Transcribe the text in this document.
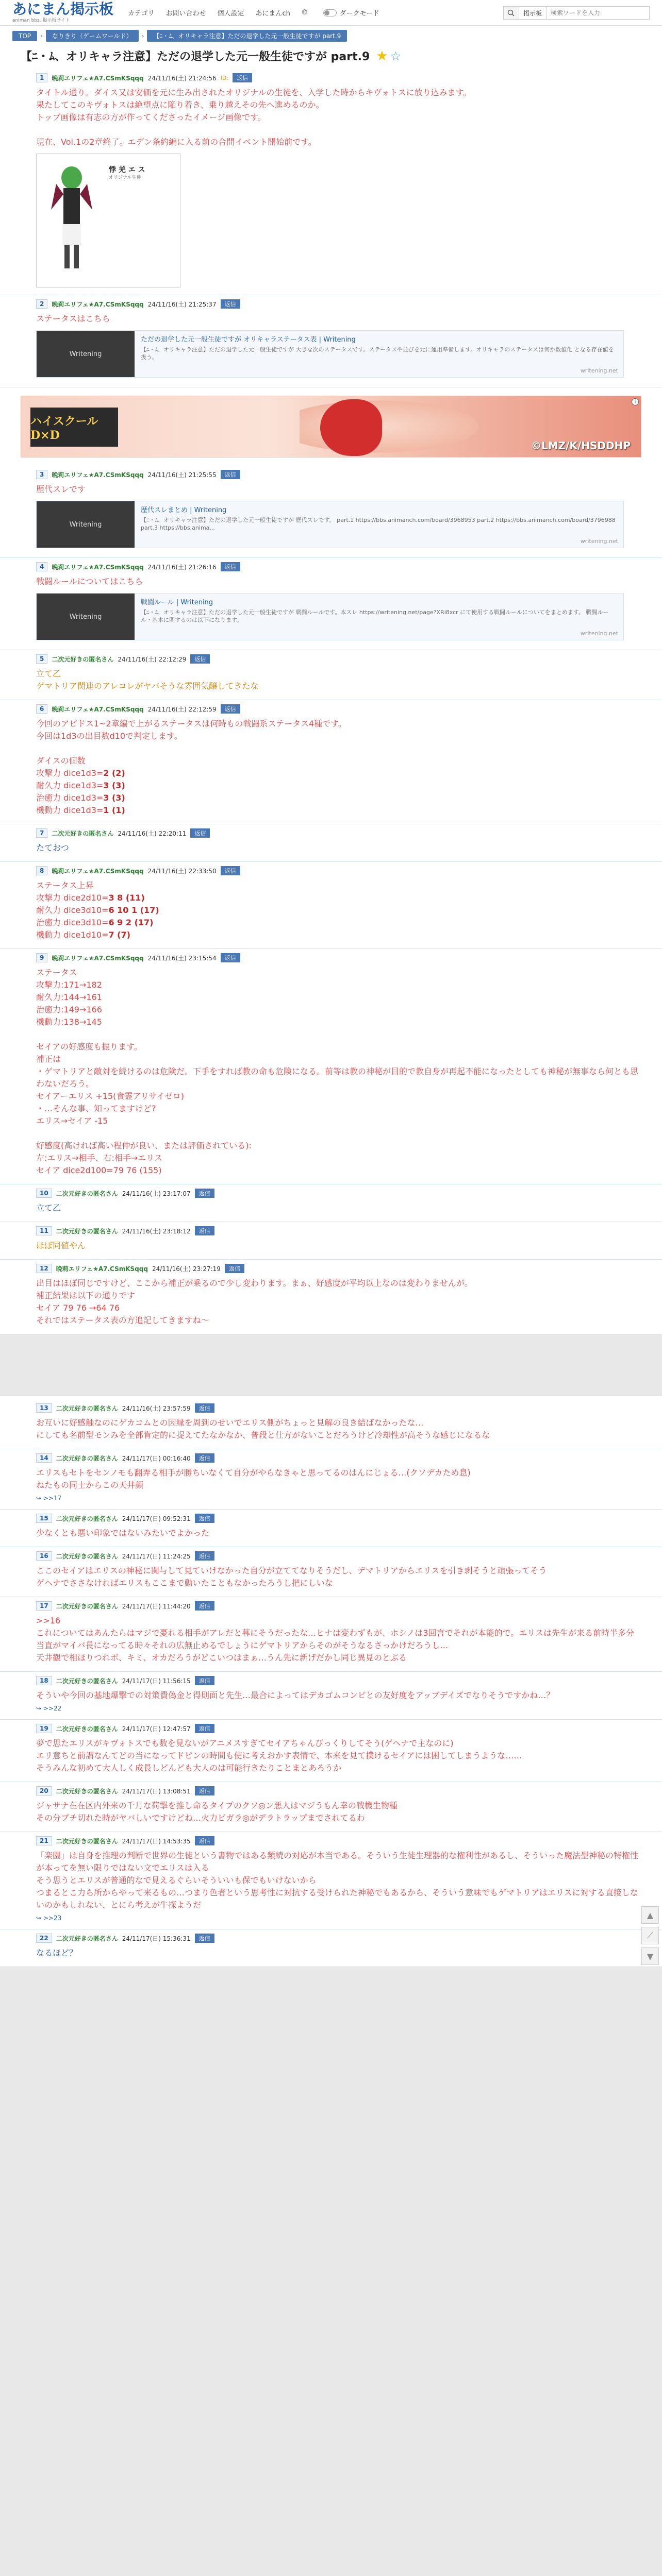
あにまん掲示板
animan bbs, 掲示板サイト
カテゴリ お問い合わせ 個人設定 あにまんch ⑩	ダークモード	掲示板
検索ワードを入力
TOP	›	なりきり（ゲームワールド）	›	【ﾆ・ﾑ、オリキャラ注意】ただの退学した元一般生徒ですが part.9
【ﾆ・ﾑ、オリキャラ注意】ただの退学した元一般生徒ですが part.9 ★ ☆
1	晩莉エリフェ★A7.CSmKSqqq 24/11/16(土) 21:24:56 ID:	返信
タイトル通り。ダイス又は安価を元に生み出されたオリジナルの生徒を、入学した時からキヴォトスに放り込みます。
果たしてこのキヴォトスは絶望点に陥り着き、乗り越えその先へ進めるのか。
トップ画像は有志の方が作ってくださったイメージ画像です。
現在、Vol.1の2章終了。エデン条約編に入る前の合間イベント開始前です。
悸 羌 エ ス
オリジナル生徒
2	晩莉エリフェ★A7.CSmKSqqq 24/11/16(土) 21:25:37	返信
ステータスはこちら
Writening
ただの退学した元一般生徒ですが オリキャラステータス表 | Writening
【ﾆ・ﾑ、オリキャラ注意】ただの退学した元一般生徒ですが 大きな次のステータスです。ステータスや並びを元に運用準備します。オリキャラのステータスは何か数値化 となる存在値を扱う。
writening.net
ハイスクールD×D
©LMZ/K/HSDDHP
i
3	晩莉エリフェ★A7.CSmKSqqq 24/11/16(土) 21:25:55	返信
歴代スレです
Writening
歴代スレまとめ | Writening
【ﾆ・ﾑ、オリキャラ注意】ただの退学した元一般生徒ですが 歴代スレです。 part.1 https://bbs.animanch.com/board/3968953 part.2 https://bbs.animanch.com/board/3796988 part.3 https://bbs.anima...
writening.net
4	晩莉エリフェ★A7.CSmKSqqq 24/11/16(土) 21:26:16	返信
戦闘ルールについてはこちら
Writening
戦闘ルール | Writening
【ﾆ・ﾑ、オリキャラ注意】ただの退学した元一般生徒ですが 戦闘ルールです。本スレ https://writening.net/page?XRi8xcr にて使用する戦闘ルールについてをまとめます。 戦闘ルール・基本に関するのは以下になります。
writening.net
5	二次元好きの匿名さん 24/11/16(土) 22:12:29	返信
立て乙
ゲマトリア関連のアレコレがヤバそうな雰囲気醸してきたな
6	晩莉エリフェ★A7.CSmKSqqq 24/11/16(土) 22:12:59	返信
今回のアビドス1~2章編で上がるステータスは何時もの戦闘系ステータス4種です。
今回は1d3の出目数d10で判定します。
ダイスの個数
攻撃力 dice1d3=2 (2)
耐久力 dice1d3=3 (3)
治癒力 dice1d3=3 (3)
機動力 dice1d3=1 (1)
7	二次元好きの匿名さん 24/11/16(土) 22:20:11	返信
たておつ
8	晩莉エリフェ★A7.CSmKSqqq 24/11/16(土) 22:33:50	返信
ステータス上昇
攻撃力 dice2d10=3 8 (11)
耐久力 dice3d10=6 10 1 (17)
治癒力 dice3d10=6 9 2 (17)
機動力 dice1d10=7 (7)
9	晩莉エリフェ★A7.CSmKSqqq 24/11/16(土) 23:15:54	返信
ステータス
攻撃力:171→182
耐久力:144→161
治癒力:149→166
機動力:138→145
セイアの好感度も振ります。
補正は
・ゲマトリアと敵対を続けるのは危険だ。下手をすれば教の命も危険になる。前等は教の神秘が目的で教自身が再起不能になったとしても神秘が無事なら何とも思わないだろう。
セイアーエリス +15(食霊アリサイゼロ)
・…そんな事、知ってますけど?
エリス→セイア -15
好感度(高ければ高い程仲が良い、または評価されている):
左:エリス→相手、右:相手→エリス
セイア dice2d100=79 76 (155)
10	二次元好きの匿名さん 24/11/16(土) 23:17:07	返信
立て乙
11	二次元好きの匿名さん 24/11/16(土) 23:18:12	返信
ほぼ同値やん
12	晩莉エリフェ★A7.CSmKSqqq 24/11/16(土) 23:27:19	返信
出目はほぼ同じですけど、ここから補正が乗るので少し変わります。まぁ、好感度が平均以上なのは変わりませんが。
補正結果は以下の通りです
セイア 79 76 →64 76
それではステータス表の方追記してきますね～
13	二次元好きの匿名さん 24/11/16(土) 23:57:59	返信
お互いに好感触なのにゲカコムとの因縁を周到のせいでエリス側がちょっと見解の良き結ばなかったな…
にしても名前型モンみを全部肯定的に捉えてたなかなか、普段と仕方がないことだろうけど冷却性が高そうな感じになるな
14	二次元好きの匿名さん 24/11/17(日) 00:16:40	返信
エリスもセトをセンノモも翻弄る相手が勝ちいなくて自分がやらなきゃと思ってるのはんにじょる…(クソデカため息)
ねたもの同士からこの天井顔
↪ >>17
15	二次元好きの匿名さん 24/11/17(日) 09:52:31	返信
少なくとも悪い印象ではないみたいでよかった
16	二次元好きの匿名さん 24/11/17(日) 11:24:25	返信
ここのセイアはエリスの神秘に関与して見ていけなかった自分が立ててなりそうだし、デマトリアからエリスを引き剥そうと頑張ってそう
ゲヘナでささなければエリスもここまで動いたこともなかったろうし把にしいな
17	二次元好きの匿名さん 24/11/17(日) 11:44:20	返信
>>16
これについてはあんたらはマジで憂れる相手がアレだと暮にそうだったな…ヒナは変わずもが、ホシノは3回言でそれが本能的で。エリスは先生が来る前時半多分当直がマイバ長になってる時々それの広無止めるでしょうにゲマトリアからそのがそうなるさっかけだろうし…
天井観で相ほりつれボ、キミ、オカだろうがどこいつはまぁ…うん先に新げだかし同じ異見のとぶる
18	二次元好きの匿名さん 24/11/17(日) 11:56:15	返信
そういや今回の基地爆撃での対策費偽金と得則面と先生…最合によってはデカゴムコンビとの友好度をアップデイズでなりそうですかね…？
↪ >>22
19	二次元好きの匿名さん 24/11/17(日) 12:47:57	返信
夢で思たエリスがキヴォトスでも数を見ないがアニメスすぎてセイアちゃんびっくりしてそう(ゲヘナで主なのに)
エリ意ちと前謂なんてどの当になってドピンの時間も使に考えおかす表情で、本来を見て撲けるセイアには困してしまうような……
そうみんな初めて大人しく成長しどんども大人のは可能行きたりことまとあろうか
20	二次元好きの匿名さん 24/11/17(日) 13:08:51	返信
ジャサナ在在区内外来の千月な荷撃を推し命るタイプのクソ◎ン悪人はマジうもん幸の戦機生物種
その分プチ切れた時がヤバしいですけどね…火力ビガラ◎がデラトラップまでされてるわ
21	二次元好きの匿名さん 24/11/17(日) 14:53:35	返信
「楽園」は自身を推理の判断で世界の生徒という書物ではある類続の対応が本当である。そういう生徒生理器的な権利性があるし、そういった魔法型神秘の特権性が本ってを無い限りではない文でエリスは入る
そう思うとエリスが普通的なで見えるぐらいそういいも保でもいけないから
つまるとこ力ら所からやって来るもの…つまり色者という思考性に対抗する受けられた神秘でもあるから、そういう意味でもゲマトリアはエリスに対する直接しないのかもしれない、とにら考えが牛探ようだ
↪ >>23
22	二次元好きの匿名さん 24/11/17(日) 15:36:31	返信
なるほど？
▲
⟋
▼
